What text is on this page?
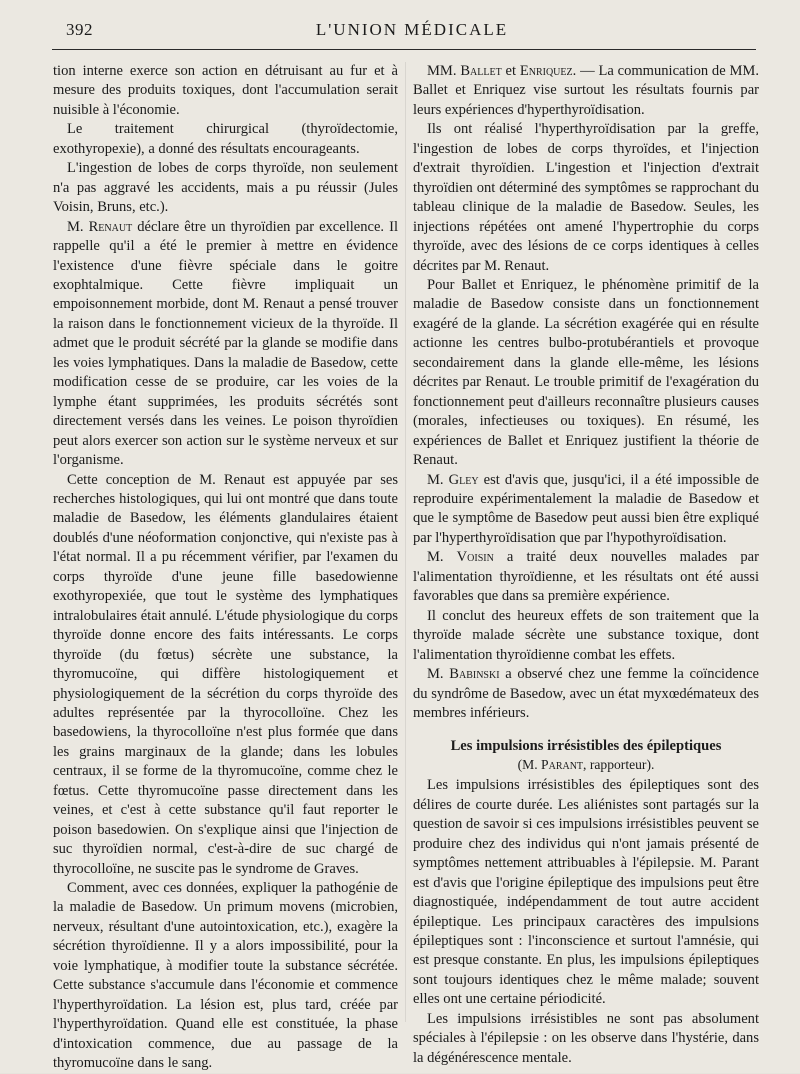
392	L'UNION MÉDICALE

tion interne exerce son action en détruisant au fur et à mesure des produits toxiques, dont l'accumulation serait nuisible à l'économie.

Le traitement chirurgical (thyroïdectomie, exothyropexie), a donné des résultats encourageants.

L'ingestion de lobes de corps thyroïde, non seulement n'a pas aggravé les accidents, mais a pu réussir (Jules Voisin, Bruns, etc.).

M. Renaut déclare être un thyroïdien par excellence. Il rappelle qu'il a été le premier à mettre en évidence l'existence d'une fièvre spéciale dans le goitre exophtalmique. Cette fièvre impliquait un empoisonnement morbide, dont M. Renaut a pensé trouver la raison dans le fonctionnement vicieux de la thyroïde. Il admet que le produit sécrété par la glande se modifie dans les voies lymphatiques. Dans la maladie de Basedow, cette modification cesse de se produire, car les voies de la lymphe étant supprimées, les produits sécrétés sont directement versés dans les veines. Le poison thyroïdien peut alors exercer son action sur le système nerveux et sur l'organisme.

Cette conception de M. Renaut est appuyée par ses recherches histologiques, qui lui ont montré que dans toute maladie de Basedow, les éléments glandulaires étaient doublés d'une néoformation conjonctive, qui n'existe pas à l'état normal. Il a pu récemment vérifier, par l'examen du corps thyroïde d'une jeune fille basedowienne exothyropexiée, que tout le système des lymphatiques intralobulaires était annulé. L'étude physiologique du corps thyroïde donne encore des faits intéressants. Le corps thyroïde (du fœtus) sécrète une substance, la thyromucoïne, qui diffère histologiquement et physiologiquement de la sécrétion du corps thyroïde des adultes représentée par la thyrocolloïne. Chez les basedowiens, la thyrocolloïne n'est plus formée que dans les grains marginaux de la glande; dans les lobules centraux, il se forme de la thyromucoïne, comme chez le fœtus. Cette thyromucoïne passe directement dans les veines, et c'est à cette substance qu'il faut reporter le poison basedowien. On s'explique ainsi que l'injection de suc thyroïdien normal, c'est-à-dire de suc chargé de thyrocolloïne, ne suscite pas le syndrome de Graves.

Comment, avec ces données, expliquer la pathogénie de la maladie de Basedow. Un primum movens (microbien, nerveux, résultant d'une autointoxication, etc.), exagère la sécrétion thyroïdienne. Il y a alors impossibilité, pour la voie lymphatique, à modifier toute la substance sécrétée. Cette substance s'accumule dans l'économie et commence l'hyperthyroïdation. La lésion est, plus tard, créée par l'hyperthyroïdation. Quand elle est constituée, la phase d'intoxication commence, due au passage de la thyromucoïne dans le sang.

MM. Ballet et Enriquez. — La communication de MM. Ballet et Enriquez vise surtout les résultats fournis par leurs expériences d'hyperthyroïdisation.

Ils ont réalisé l'hyperthyroïdisation par la greffe, l'ingestion de lobes de corps thyroïdes, et l'injection d'extrait thyroïdien. L'ingestion et l'injection d'extrait thyroïdien ont déterminé des symptômes se rapprochant du tableau clinique de la maladie de Basedow. Seules, les injections répétées ont amené l'hypertrophie du corps thyroïde, avec des lésions de ce corps identiques à celles décrites par M. Renaut.

Pour Ballet et Enriquez, le phénomène primitif de la maladie de Basedow consiste dans un fonctionnement exagéré de la glande. La sécrétion exagérée qui en résulte actionne les centres bulbo-protubérantiels et provoque secondairement dans la glande elle-même, les lésions décrites par Renaut. Le trouble primitif de l'exagération du fonctionnement peut d'ailleurs reconnaître plusieurs causes (morales, infectieuses ou toxiques). En résumé, les expériences de Ballet et Enriquez justifient la théorie de Renaut.

M. Gley est d'avis que, jusqu'ici, il a été impossible de reproduire expérimentalement la maladie de Basedow et que le symptôme de Basedow peut aussi bien être expliqué par l'hyperthyroïdisation que par l'hypothyroïdisation.

M. Voisin a traité deux nouvelles malades par l'alimentation thyroïdienne, et les résultats ont été aussi favorables que dans sa première expérience.

Il conclut des heureux effets de son traitement que la thyroïde malade sécrète une substance toxique, dont l'alimentation thyroïdienne combat les effets.

M. Babinski a observé chez une femme la coïncidence du syndrôme de Basedow, avec un état myxœdémateux des membres inférieurs.

Les impulsions irrésistibles des épileptiques
(M. Parant, rapporteur).

Les impulsions irrésistibles des épileptiques sont des délires de courte durée. Les aliénistes sont partagés sur la question de savoir si ces impulsions irrésistibles peuvent se produire chez des individus qui n'ont jamais présenté de symptômes nettement attribuables à l'épilepsie. M. Parant est d'avis que l'origine épileptique des impulsions peut être diagnostiquée, indépendamment de tout autre accident épileptique. Les principaux caractères des impulsions épileptiques sont : l'inconscience et surtout l'amnésie, qui est presque constante. En plus, les impulsions épileptiques sont toujours identiques chez le même malade; souvent elles ont une certaine périodicité.

Les impulsions irrésistibles ne sont pas absolument spéciales à l'épilepsie : on les observe dans l'hystérie, dans la dégénérescence mentale.
